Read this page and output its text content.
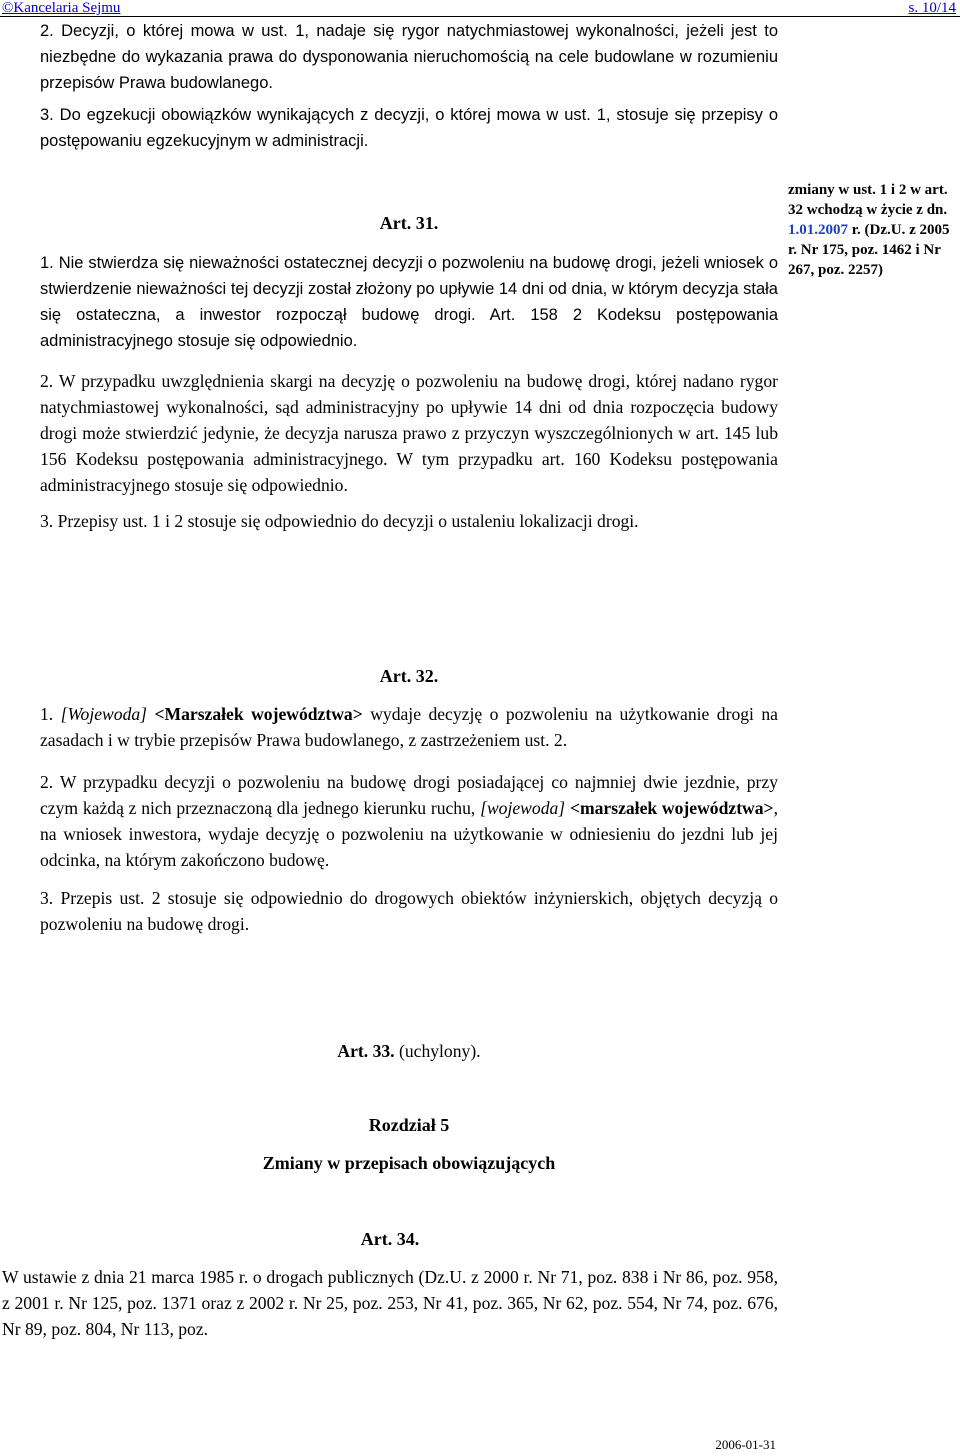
©Kancelaria Sejmu	s. 10/14

2. Decyzji, o której mowa w ust. 1, nadaje się rygor natychmiastowej wykonalności, jeżeli jest to niezbędne do wykazania prawa do dysponowania nieruchomością na cele budowlane w rozumieniu przepisów Prawa budowlanego.

3. Do egzekucji obowiązków wynikających z decyzji, o której mowa w ust. 1, stosuje się przepisy o postępowaniu egzekucyjnym w administracji.

zmiany w ust. 1 i 2 w art. 32 wchodzą w życie z dn. 1.01.2007 r. (Dz.U. z 2005 r. Nr 175, poz. 1462 i Nr 267, poz. 2257)

Art. 31.

1. Nie stwierdza się nieważności ostatecznej decyzji o pozwoleniu na budowę drogi, jeżeli wniosek o stwierdzenie nieważności tej decyzji został złożony po upływie 14 dni od dnia, w którym decyzja stała się ostateczna, a inwestor rozpoczął budowę drogi. Art. 158 2 Kodeksu postępowania administracyjnego stosuje się odpowiednio.

2. W przypadku uwzględnienia skargi na decyzję o pozwoleniu na budowę drogi, której nadano rygor natychmiastowej wykonalności, sąd administracyjny po upływie 14 dni od dnia rozpoczęcia budowy drogi może stwierdzić jedynie, że decyzja narusza prawo z przyczyn wyszczególnionych w art. 145 lub 156 Kodeksu postępowania administracyjnego. W tym przypadku art. 160 Kodeksu postępowania administracyjnego stosuje się odpowiednio.

3. Przepisy ust. 1 i 2 stosuje się odpowiednio do decyzji o ustaleniu lokalizacji drogi.

Art. 32.

1. [Wojewoda] <Marszałek województwa> wydaje decyzję o pozwoleniu na użytkowanie drogi na zasadach i w trybie przepisów Prawa budowlanego, z zastrzeżeniem ust. 2.

2. W przypadku decyzji o pozwoleniu na budowę drogi posiadającej co najmniej dwie jezdnie, przy czym każdą z nich przeznaczoną dla jednego kierunku ruchu, [wojewoda] <marszałek województwa>, na wniosek inwestora, wydaje decyzję o pozwoleniu na użytkowanie w odniesieniu do jezdni lub jej odcinka, na którym zakończono budowę.

3. Przepis ust. 2 stosuje się odpowiednio do drogowych obiektów inżynierskich, objętych decyzją o pozwoleniu na budowę drogi.

Art. 33. (uchylony).

Rozdział 5

Zmiany w przepisach obowiązujących

Art. 34.

W ustawie z dnia 21 marca 1985 r. o drogach publicznych (Dz.U. z 2000 r. Nr 71, poz. 838 i Nr 86, poz. 958, z 2001 r. Nr 125, poz. 1371 oraz z 2002 r. Nr 25, poz. 253, Nr 41, poz. 365, Nr 62, poz. 554, Nr 74, poz. 676, Nr 89, poz. 804, Nr 113, poz.

2006-01-31
